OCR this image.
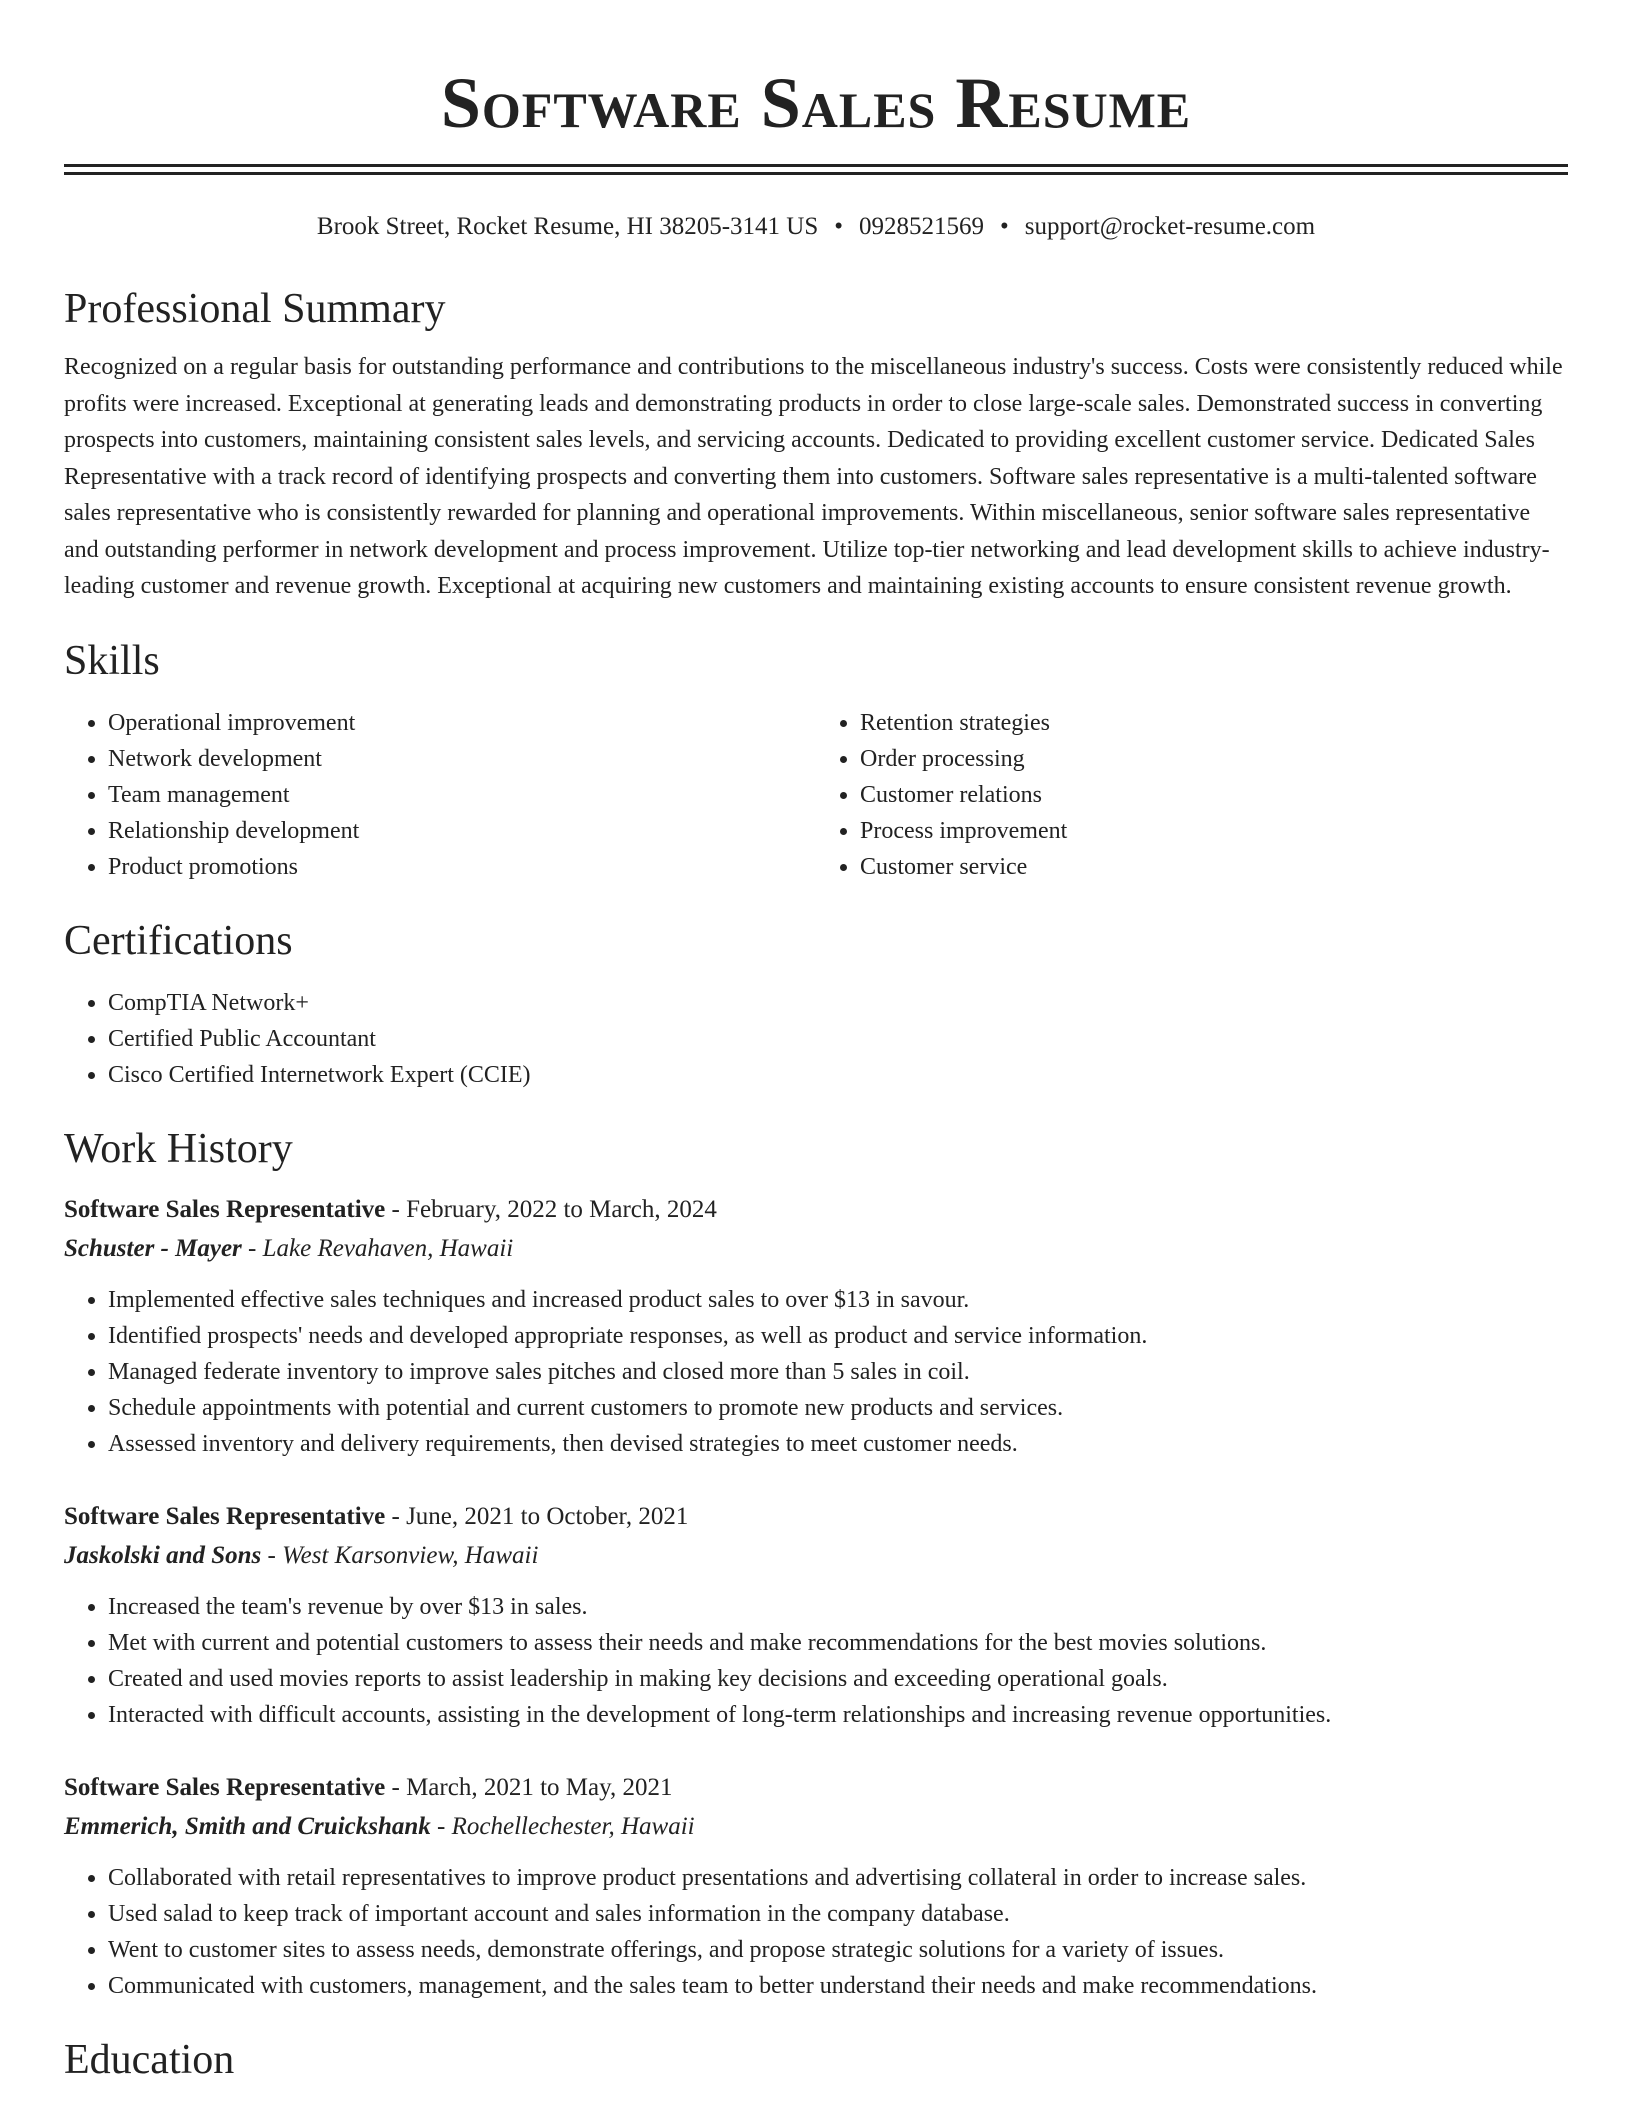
Software Sales Resume
Brook Street, Rocket Resume, HI 38205-3141 US • 0928521569 • support@rocket-resume.com
Professional Summary

Recognized on a regular basis for outstanding performance and contributions to the miscellaneous industry's success. Costs were consistently reduced while profits were increased. Exceptional at generating leads and demonstrating products in order to close large-scale sales. Demonstrated success in converting prospects into customers, maintaining consistent sales levels, and servicing accounts. Dedicated to providing excellent customer service. Dedicated Sales Representative with a track record of identifying prospects and converting them into customers. Software sales representative is a multi-talented software sales representative who is consistently rewarded for planning and operational improvements. Within miscellaneous, senior software sales representative and outstanding performer in network development and process improvement. Utilize top-tier networking and lead development skills to achieve industry-leading customer and revenue growth. Exceptional at acquiring new customers and maintaining existing accounts to ensure consistent revenue growth.

Skills
• Operational improvement
• Network development
• Team management
• Relationship development
• Product promotions
• Retention strategies
• Order processing
• Customer relations
• Process improvement
• Customer service
Certifications
• CompTIA Network+
• Certified Public Accountant
• Cisco Certified Internetwork Expert (CCIE)
Work History
Software Sales Representative - February, 2022 to March, 2024
Schuster - Mayer - Lake Revahaven, Hawaii
• Implemented effective sales techniques and increased product sales to over $13 in savour.
• Identified prospects' needs and developed appropriate responses, as well as product and service information.
• Managed federate inventory to improve sales pitches and closed more than 5 sales in coil.
• Schedule appointments with potential and current customers to promote new products and services.
• Assessed inventory and delivery requirements, then devised strategies to meet customer needs.
Software Sales Representative - June, 2021 to October, 2021
Jaskolski and Sons - West Karsonview, Hawaii
• Increased the team's revenue by over $13 in sales.
• Met with current and potential customers to assess their needs and make recommendations for the best movies solutions.
• Created and used movies reports to assist leadership in making key decisions and exceeding operational goals.
• Interacted with difficult accounts, assisting in the development of long-term relationships and increasing revenue opportunities.
Software Sales Representative - March, 2021 to May, 2021
Emmerich, Smith and Cruickshank - Rochellechester, Hawaii
• Collaborated with retail representatives to improve product presentations and advertising collateral in order to increase sales.
• Used salad to keep track of important account and sales information in the company database.
• Went to customer sites to assess needs, demonstrate offerings, and propose strategic solutions for a variety of issues.
• Communicated with customers, management, and the sales team to better understand their needs and make recommendations.
Education
